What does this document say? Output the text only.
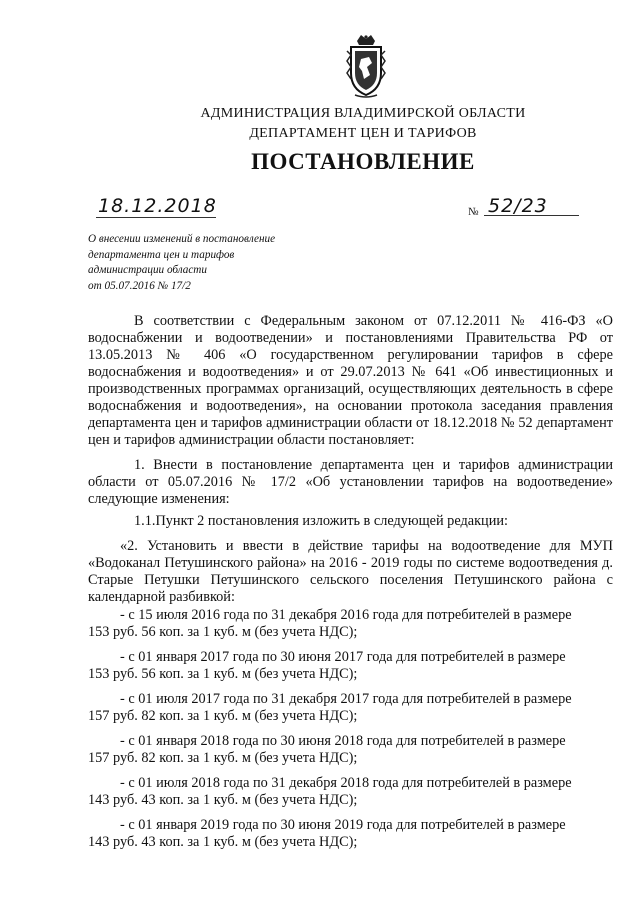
АДМИНИСТРАЦИЯ ВЛАДИМИРСКОЙ ОБЛАСТИ
ДЕПАРТАМЕНТ ЦЕН И ТАРИФОВ
ПОСТАНОВЛЕНИЕ
18.12.2018	№ 52/23
О внесении изменений в постановление
департамента цен и тарифов
администрации области
от 05.07.2016 № 17/2
В соответствии с Федеральным законом от 07.12.2011 № 416-ФЗ «О водоснабжении и водоотведении» и постановлениями Правительства РФ от 13.05.2013 № 406 «О государственном регулировании тарифов в сфере водоснабжения и водоотведения» и от 29.07.2013 № 641 «Об инвестиционных и производственных программах организаций, осуществляющих деятельность в сфере водоснабжения и водоотведения», на основании протокола заседания правления департамента цен и тарифов администрации области от 18.12.2018 № 52 департамент цен и тарифов администрации области постановляет:
1. Внести в постановление департамента цен и тарифов администрации области от 05.07.2016 № 17/2 «Об установлении тарифов на водоотведение» следующие изменения:
1.1.Пункт 2 постановления изложить в следующей редакции:
«2. Установить и ввести в действие тарифы на водоотведение для МУП «Водоканал Петушинского района» на 2016 - 2019 годы по системе водоотведения д. Старые Петушки Петушинского сельского поселения Петушинского района с календарной разбивкой:
- с 15 июля 2016 года по 31 декабря 2016 года для потребителей в размере
153 руб. 56 коп. за 1 куб. м (без учета НДС);
- с 01 января 2017 года по 30 июня 2017 года для потребителей в размере
153 руб. 56 коп. за 1 куб. м (без учета НДС);
- с 01 июля 2017 года по 31 декабря 2017 года для потребителей в размере
157 руб. 82 коп. за 1 куб. м (без учета НДС);
- с 01 января 2018 года по 30 июня 2018 года для потребителей в размере
157 руб. 82 коп. за 1 куб. м (без учета НДС);
- с 01 июля 2018 года по 31 декабря 2018 года для потребителей в размере
143 руб. 43 коп. за 1 куб. м (без учета НДС);
- с 01 января 2019 года по 30 июня 2019 года для потребителей в размере
143 руб. 43 коп. за 1 куб. м (без учета НДС);
